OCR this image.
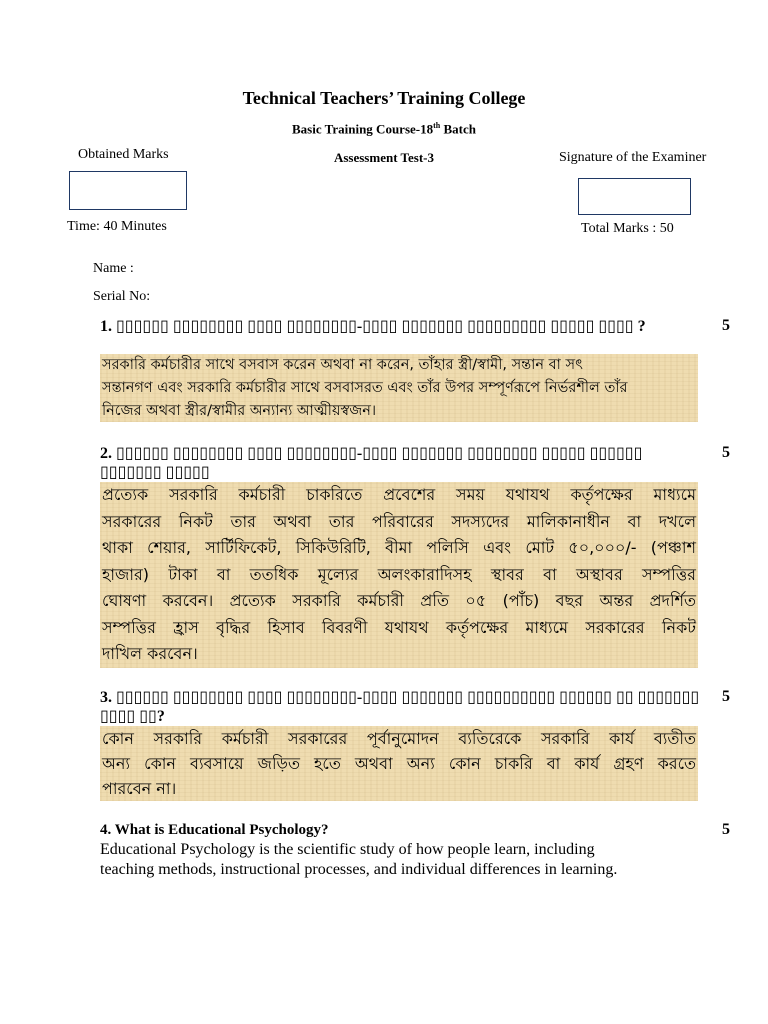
Technical Teachers’ Training College
Basic Training Course-18th Batch
Assessment Test-3
Obtained Marks	Signature of the Examiner
Time: 40 Minutes	Total Marks : 50
Name :
Serial No:
1. ▯▯▯▯▯▯ ▯▯▯▯▯▯▯▯ ▯▯▯▯ ▯▯▯▯▯▯▯▯-▯▯▯▯ ▯▯▯▯▯▯▯ ▯▯▯▯▯▯▯▯▯ ▯▯▯▯▯ ▯▯▯▯ ?	5
সরকারি কর্মচারীর সাথে বসবাস করেন অথবা না করেন, তাঁহার স্ত্রী/স্বামী, সন্তান বা সৎ
সন্তানগণ এবং সরকারি কর্মচারীর সাথে বসবাসরত এবং তাঁর উপর সম্পূর্ণরূপে নির্ভরশীল তাঁর
নিজের অথবা স্ত্রীর/স্বামীর অন্যান্য আত্মীয়স্বজন।
2. ▯▯▯▯▯▯ ▯▯▯▯▯▯▯▯ ▯▯▯▯ ▯▯▯▯▯▯▯▯-▯▯▯▯ ▯▯▯▯▯▯▯ ▯▯▯▯▯▯▯▯ ▯▯▯▯▯ ▯▯▯▯▯▯ ▯▯▯▯▯▯▯ ▯▯▯▯▯
5
প্রত্যেক সরকারি কর্মচারী চাকরিতে প্রবেশের সময় যথাযথ কর্তৃপক্ষের মাধ্যমে
সরকারের নিকট তার অথবা তার পরিবারের সদস্যদের মালিকানাধীন বা দখলে
থাকা শেয়ার, সার্টিফিকেট, সিকিউরিটি, বীমা পলিসি এবং মোট ৫০,০০০/- (পঞ্চাশ
হাজার) টাকা বা ততধিক মূল্যের অলংকারাদিসহ স্থাবর বা অস্থাবর সম্পত্তির
ঘোষণা করবেন। প্রত্যেক সরকারি কর্মচারী প্রতি ০৫ (পাঁচ) বছর অন্তর প্রদর্শিত
সম্পত্তির হ্রাস বৃদ্ধির হিসাব বিবরণী যথাযথ কর্তৃপক্ষের মাধ্যমে সরকারের নিকট
দাখিল করবেন।
3. ▯▯▯▯▯▯ ▯▯▯▯▯▯▯▯ ▯▯▯▯ ▯▯▯▯▯▯▯▯-▯▯▯▯ ▯▯▯▯▯▯▯ ▯▯▯▯▯▯▯▯▯▯ ▯▯▯▯▯▯ ▯▯ ▯▯▯▯▯▯▯ ▯▯▯▯ ▯▯?
5
কোন সরকারি কর্মচারী সরকারের পূর্বানুমোদন ব্যতিরেকে সরকারি কার্য ব্যতীত
অন্য কোন ব্যবসায়ে জড়িত হতে অথবা অন্য কোন চাকরি বা কার্য গ্রহণ করতে
পারবেন না।
4. What is Educational Psychology?	5
Educational Psychology is the scientific study of how people learn, including
teaching methods, instructional processes, and individual differences in learning.
